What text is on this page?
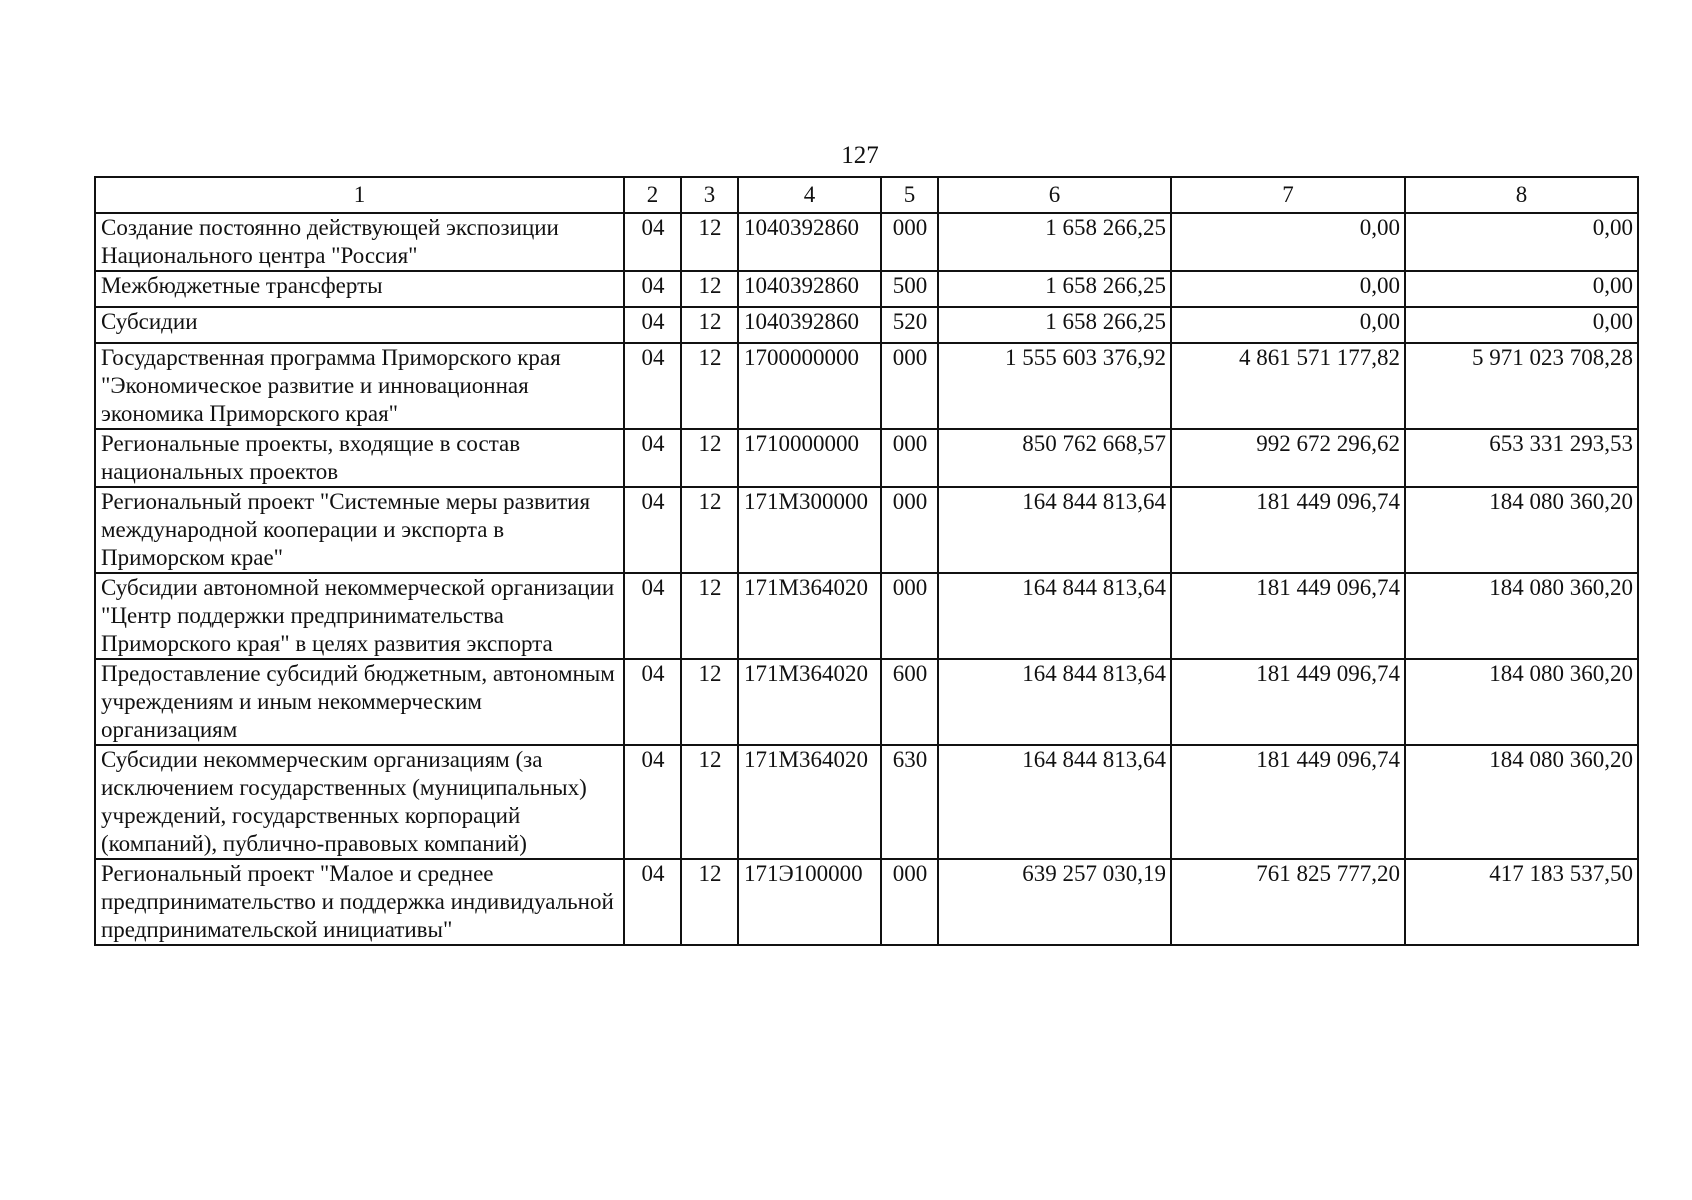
127
1	2	3	4	5	6	7	8
Создание постоянно действующей экспозиции Национального центра "Россия"	04	12	1040392860	000	1 658 266,25	0,00	0,00
Межбюджетные трансферты	04	12	1040392860	500	1 658 266,25	0,00	0,00
Субсидии	04	12	1040392860	520	1 658 266,25	0,00	0,00
Государственная программа Приморского края "Экономическое развитие и инновационная экономика Приморского края"	04	12	1700000000	000	1 555 603 376,92	4 861 571 177,82	5 971 023 708,28
Региональные проекты, входящие в состав национальных проектов	04	12	1710000000	000	850 762 668,57	992 672 296,62	653 331 293,53
Региональный проект "Системные меры развития международной кооперации и экспорта в Приморском крае"	04	12	171М300000	000	164 844 813,64	181 449 096,74	184 080 360,20
Субсидии автономной некоммерческой организации "Центр поддержки предпринимательства Приморского края" в целях развития экспорта	04	12	171М364020	000	164 844 813,64	181 449 096,74	184 080 360,20
Предоставление субсидий бюджетным, автономным учреждениям и иным некоммерческим организациям	04	12	171М364020	600	164 844 813,64	181 449 096,74	184 080 360,20
Субсидии некоммерческим организациям (за исключением государственных (муниципальных) учреждений, государственных корпораций (компаний), публично-правовых компаний)	04	12	171М364020	630	164 844 813,64	181 449 096,74	184 080 360,20
Региональный проект "Малое и среднее предпринимательство и поддержка индивидуальной предпринимательской инициативы"	04	12	171Э100000	000	639 257 030,19	761 825 777,20	417 183 537,50
